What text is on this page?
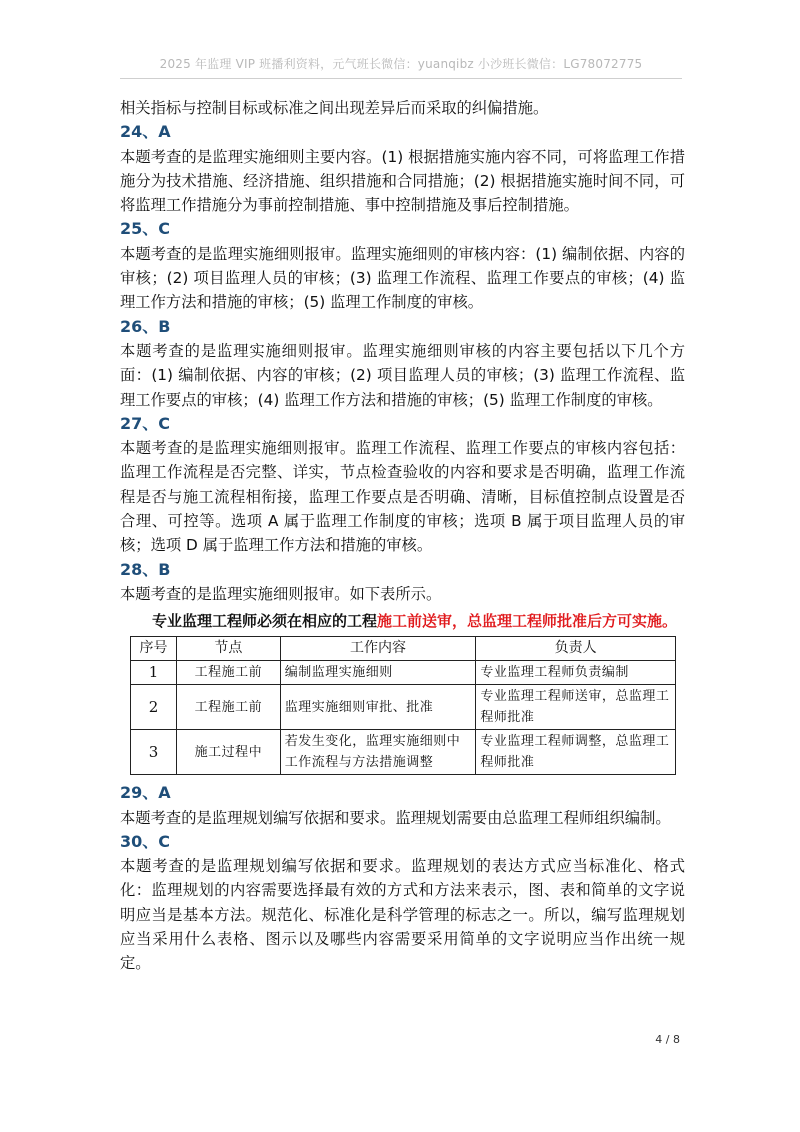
2025 年监理 VIP 班播利资料，元气班长微信：yuanqibz 小沙班长微信：LG78072775

相关指标与控制目标或标准之间出现差异后而采取的纠偏措施。

24、A

本题考查的是监理实施细则主要内容。(1) 根据措施实施内容不同，可将监理工作措施分为技术措施、经济措施、组织措施和合同措施；(2) 根据措施实施时间不同，可将监理工作措施分为事前控制措施、事中控制措施及事后控制措施。

25、C

本题考查的是监理实施细则报审。监理实施细则的审核内容：(1) 编制依据、内容的审核；(2) 项目监理人员的审核；(3) 监理工作流程、监理工作要点的审核；(4) 监理工作方法和措施的审核；(5) 监理工作制度的审核。

26、B

本题考查的是监理实施细则报审。监理实施细则审核的内容主要包括以下几个方面：(1) 编制依据、内容的审核；(2) 项目监理人员的审核；(3) 监理工作流程、监理工作要点的审核；(4) 监理工作方法和措施的审核；(5) 监理工作制度的审核。

27、C

本题考查的是监理实施细则报审。监理工作流程、监理工作要点的审核内容包括：监理工作流程是否完整、详实，节点检查验收的内容和要求是否明确，监理工作流程是否与施工流程相衔接，监理工作要点是否明确、清晰，目标值控制点设置是否合理、可控等。选项 A 属于监理工作制度的审核；选项 B 属于项目监理人员的审核；选项 D 属于监理工作方法和措施的审核。

28、B

本题考查的是监理实施细则报审。如下表所示。

专业监理工程师必须在相应的工程施工前送审，总监理工程师批准后方可实施。

序号	节点	工作内容	负责人
1	工程施工前	编制监理实施细则	专业监理工程师负责编制
2	工程施工前	监理实施细则审批、批准	专业监理工程师送审，总监理工程师批准
3	施工过程中	若发生变化，监理实施细则中工作流程与方法措施调整	专业监理工程师调整，总监理工程师批准

29、A

本题考查的是监理规划编写依据和要求。监理规划需要由总监理工程师组织编制。

30、C

本题考查的是监理规划编写依据和要求。监理规划的表达方式应当标准化、格式化：监理规划的内容需要选择最有效的方式和方法来表示，图、表和简单的文字说明应当是基本方法。规范化、标准化是科学管理的标志之一。所以，编写监理规划应当采用什么表格、图示以及哪些内容需要采用简单的文字说明应当作出统一规定。

4 / 8
